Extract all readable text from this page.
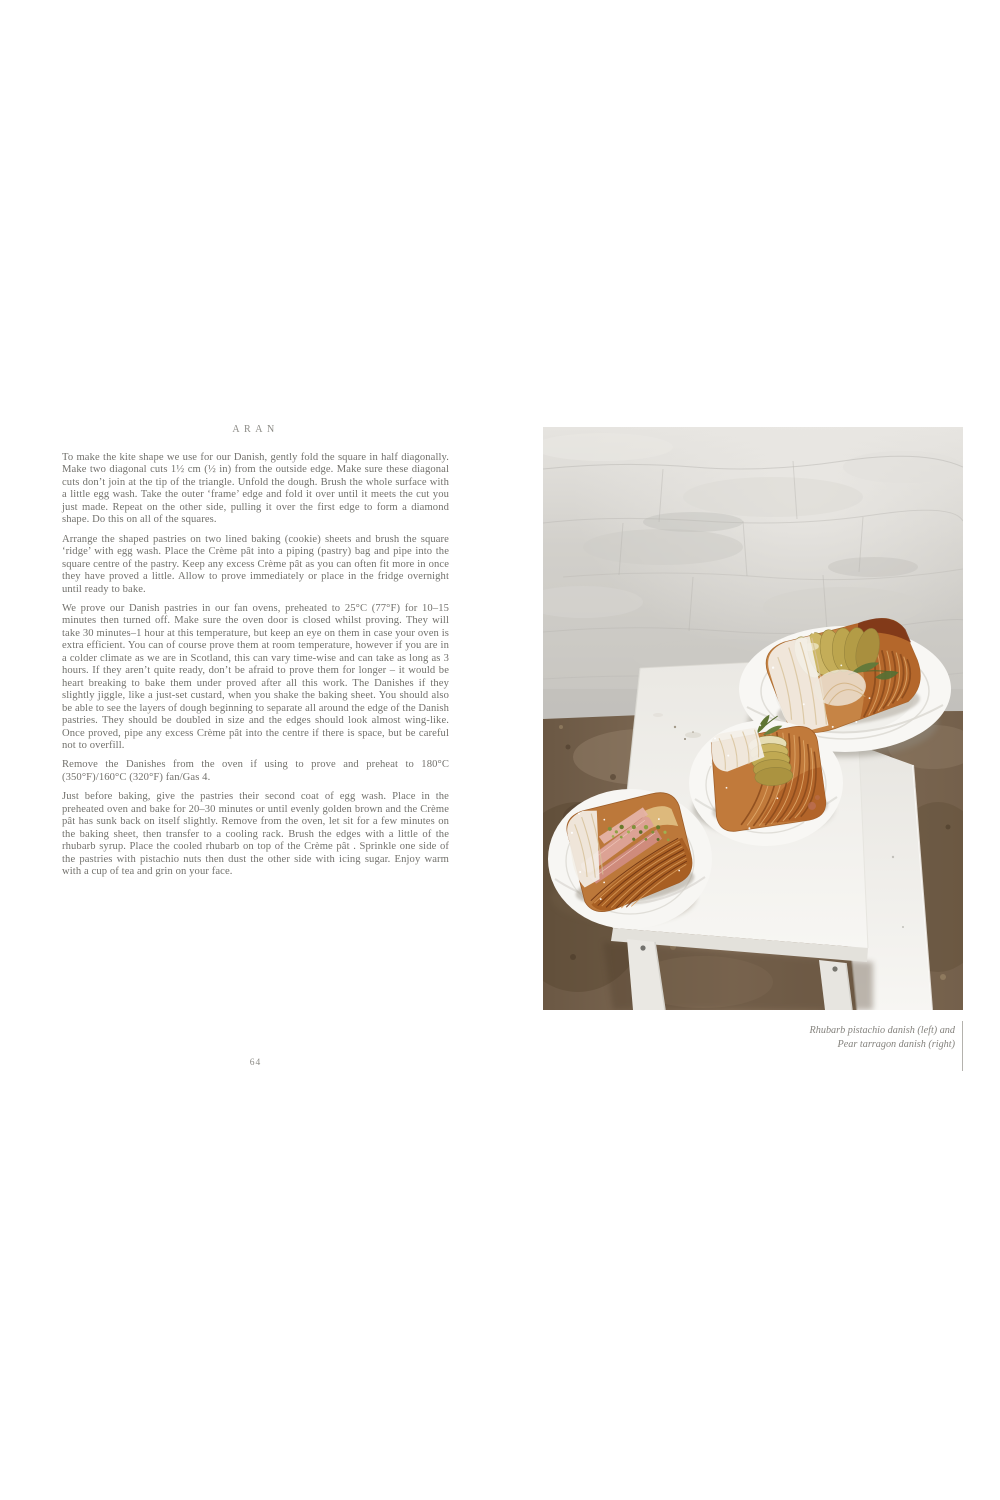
ARAN

To make the kite shape we use for our Danish, gently fold the square in half diagonally. Make two diagonal cuts 1½ cm (½ in) from the outside edge. Make sure these diagonal cuts don’t join at the tip of the triangle. Unfold the dough. Brush the whole surface with a little egg wash. Take the outer ‘frame’ edge and fold it over until it meets the cut you just made. Repeat on the other side, pulling it over the first edge to form a diamond shape. Do this on all of the squares.

Arrange the shaped pastries on two lined baking (cookie) sheets and brush the square ‘ridge’ with egg wash. Place the Crème pât into a piping (pastry) bag and pipe into the square centre of the pastry. Keep any excess Crème pât as you can often fit more in once they have proved a little. Allow to prove immediately or place in the fridge overnight until ready to bake.

We prove our Danish pastries in our fan ovens, preheated to 25°C (77°F) for 10–15 minutes then turned off. Make sure the oven door is closed whilst proving. They will take 30 minutes–1 hour at this temperature, but keep an eye on them in case your oven is extra efficient. You can of course prove them at room temperature, however if you are in a colder climate as we are in Scotland, this can vary time-wise and can take as long as 3 hours. If they aren’t quite ready, don’t be afraid to prove them for longer – it would be heart breaking to bake them under proved after all this work. The Danishes if they slightly jiggle, like a just-set custard, when you shake the baking sheet. You should also be able to see the layers of dough beginning to separate all around the edge of the Danish pastries. They should be doubled in size and the edges should look almost wing-like. Once proved, pipe any excess Crème pât into the centre if there is space, but be careful not to overfill.

Remove the Danishes from the oven if using to prove and preheat to 180°C (350°F)/160°C (320°F) fan/Gas 4.

Just before baking, give the pastries their second coat of egg wash. Place in the preheated oven and bake for 20–30 minutes or until evenly golden brown and the Crème pât has sunk back on itself slightly. Remove from the oven, let sit for a few minutes on the baking sheet, then transfer to a cooling rack. Brush the edges with a little of the rhubarb syrup. Place the cooled rhubarb on top of the Crème pât . Sprinkle one side of the pastries with pistachio nuts then dust the other side with icing sugar. Enjoy warm with a cup of tea and grin on your face.

64
Rhubarb pistachio danish (left) and
Pear tarragon danish (right)
